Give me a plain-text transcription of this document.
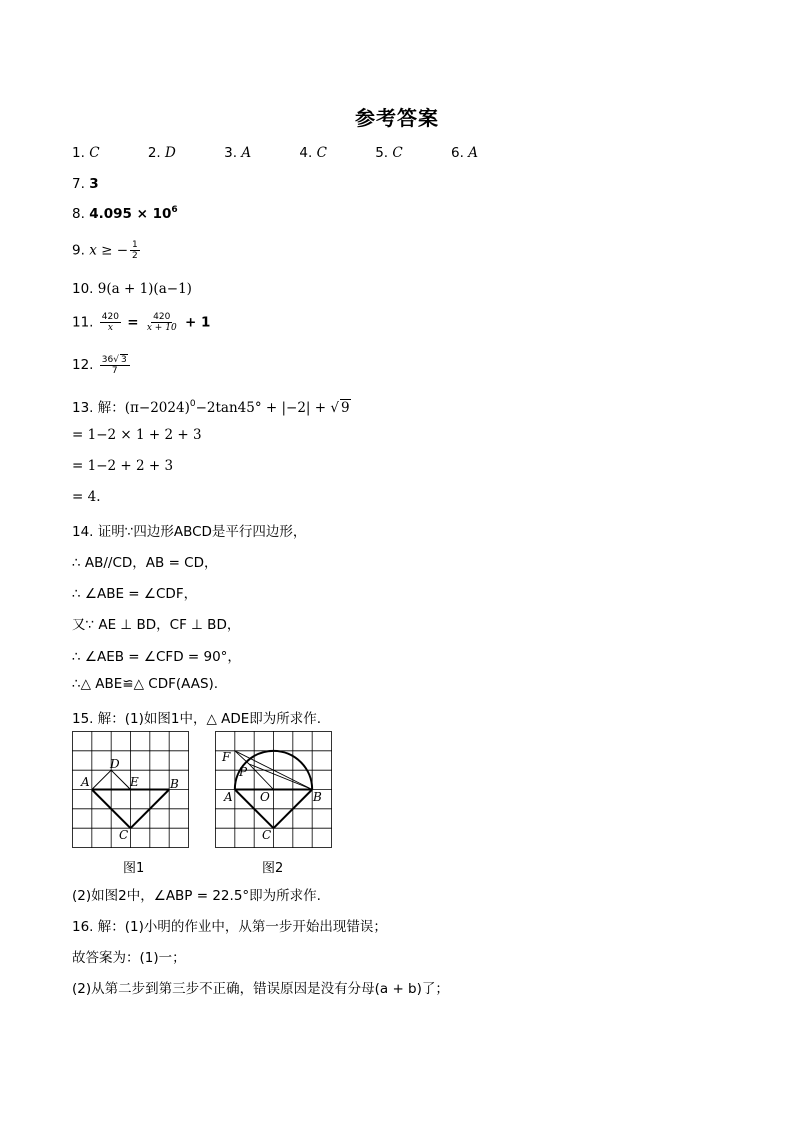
参考答案
1. C	2. D	3. A	4. C	5. C	6. A
7. 3
8. $4.095 \times 10^6$
9. x ≥ − $\frac{1}{2}$
10. 9(a + 1)(a−1)
11. $\frac{420}{x} = \frac{420}{x + 10} + 1$
12. $\frac{36√ 3}{7}$
13. 解：$(\pi-2024)^0-2\tan 45^\circ + |-2|$ + √ 9
= 1−2 × 1 + 2 + 3
= 1−2 + 2 + 3
= 4.
14. 证明∵四边形ABCD是平行四边形，
∴ AB//CD，AB = CD，
∴ ∠ABE = ∠CDF，
又∵ AE ⊥ BD，CF ⊥ BD，
∴ ∠AEB = ∠CFD = 90°，
∴△ ABE≌△ CDF(AAS).
15. 解：(1)如图1中，△ ADE即为所求作.
A	B
C
D
E
图1
A	B
C
O
P
F
图2
(2)如图2中，∠ABP = 22.5°即为所求作.
16. 解：(1)小明的作业中，从第一步开始出现错误；
故答案为：(1)一；
(2)从第二步到第三步不正确，错误原因是没有分母(a + b)了；
